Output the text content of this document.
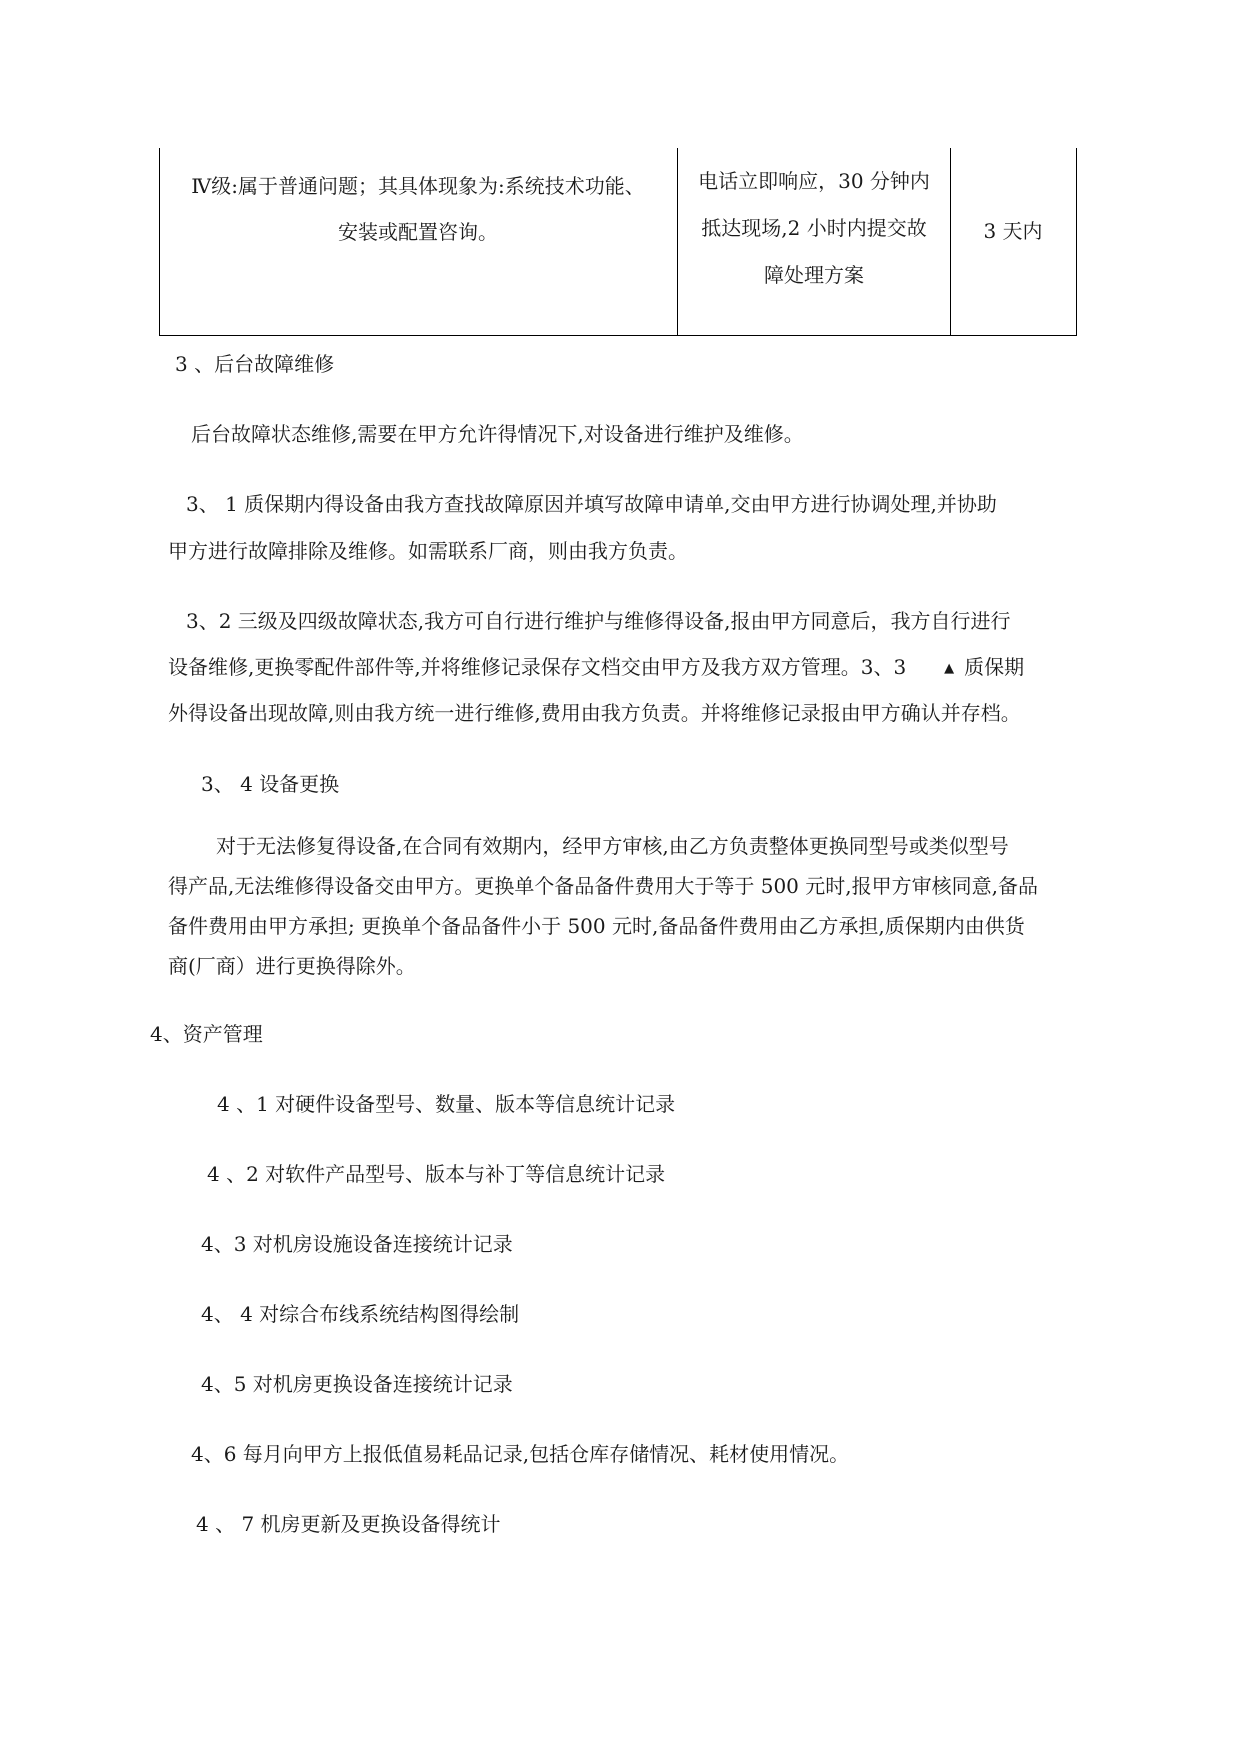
Ⅳ级:属于普通问题；其具体现象为:系统技术功能、
安装或配置咨询。
电话立即响应，30 分钟内
抵达现场,2 小时内提交故
障处理方案
3 天内
3 、后台故障维修
后台故障状态维修,需要在甲方允许得情况下,对设备进行维护及维修。
3、 1 质保期内得设备由我方查找故障原因并填写故障申请单,交由甲方进行协调处理,并协助
甲方进行故障排除及维修。如需联系厂商，则由我方负责。
3、2 三级及四级故障状态,我方可自行进行维护与维修得设备,报由甲方同意后，我方自行进行
设备维修,更换零配件部件等,并将维修记录保存文档交由甲方及我方双方管理。3、3	▲ 质保期
外得设备出现故障,则由我方统一进行维修,费用由我方负责。并将维修记录报由甲方确认并存档。
3、 4 设备更换
对于无法修复得设备,在合同有效期内，经甲方审核,由乙方负责整体更换同型号或类似型号
得产品,无法维修得设备交由甲方。更换单个备品备件费用大于等于 500 元时,报甲方审核同意,备品
备件费用由甲方承担; 更换单个备品备件小于 500 元时,备品备件费用由乙方承担,质保期内由供货
商(厂商）进行更换得除外。
4、资产管理
4 、1 对硬件设备型号、数量、版本等信息统计记录
4 、2 对软件产品型号、版本与补丁等信息统计记录
4、3 对机房设施设备连接统计记录
4、 4 对综合布线系统结构图得绘制
4、5 对机房更换设备连接统计记录
4、6 每月向甲方上报低值易耗品记录,包括仓库存储情况、耗材使用情况。
4 、 7 机房更新及更换设备得统计
